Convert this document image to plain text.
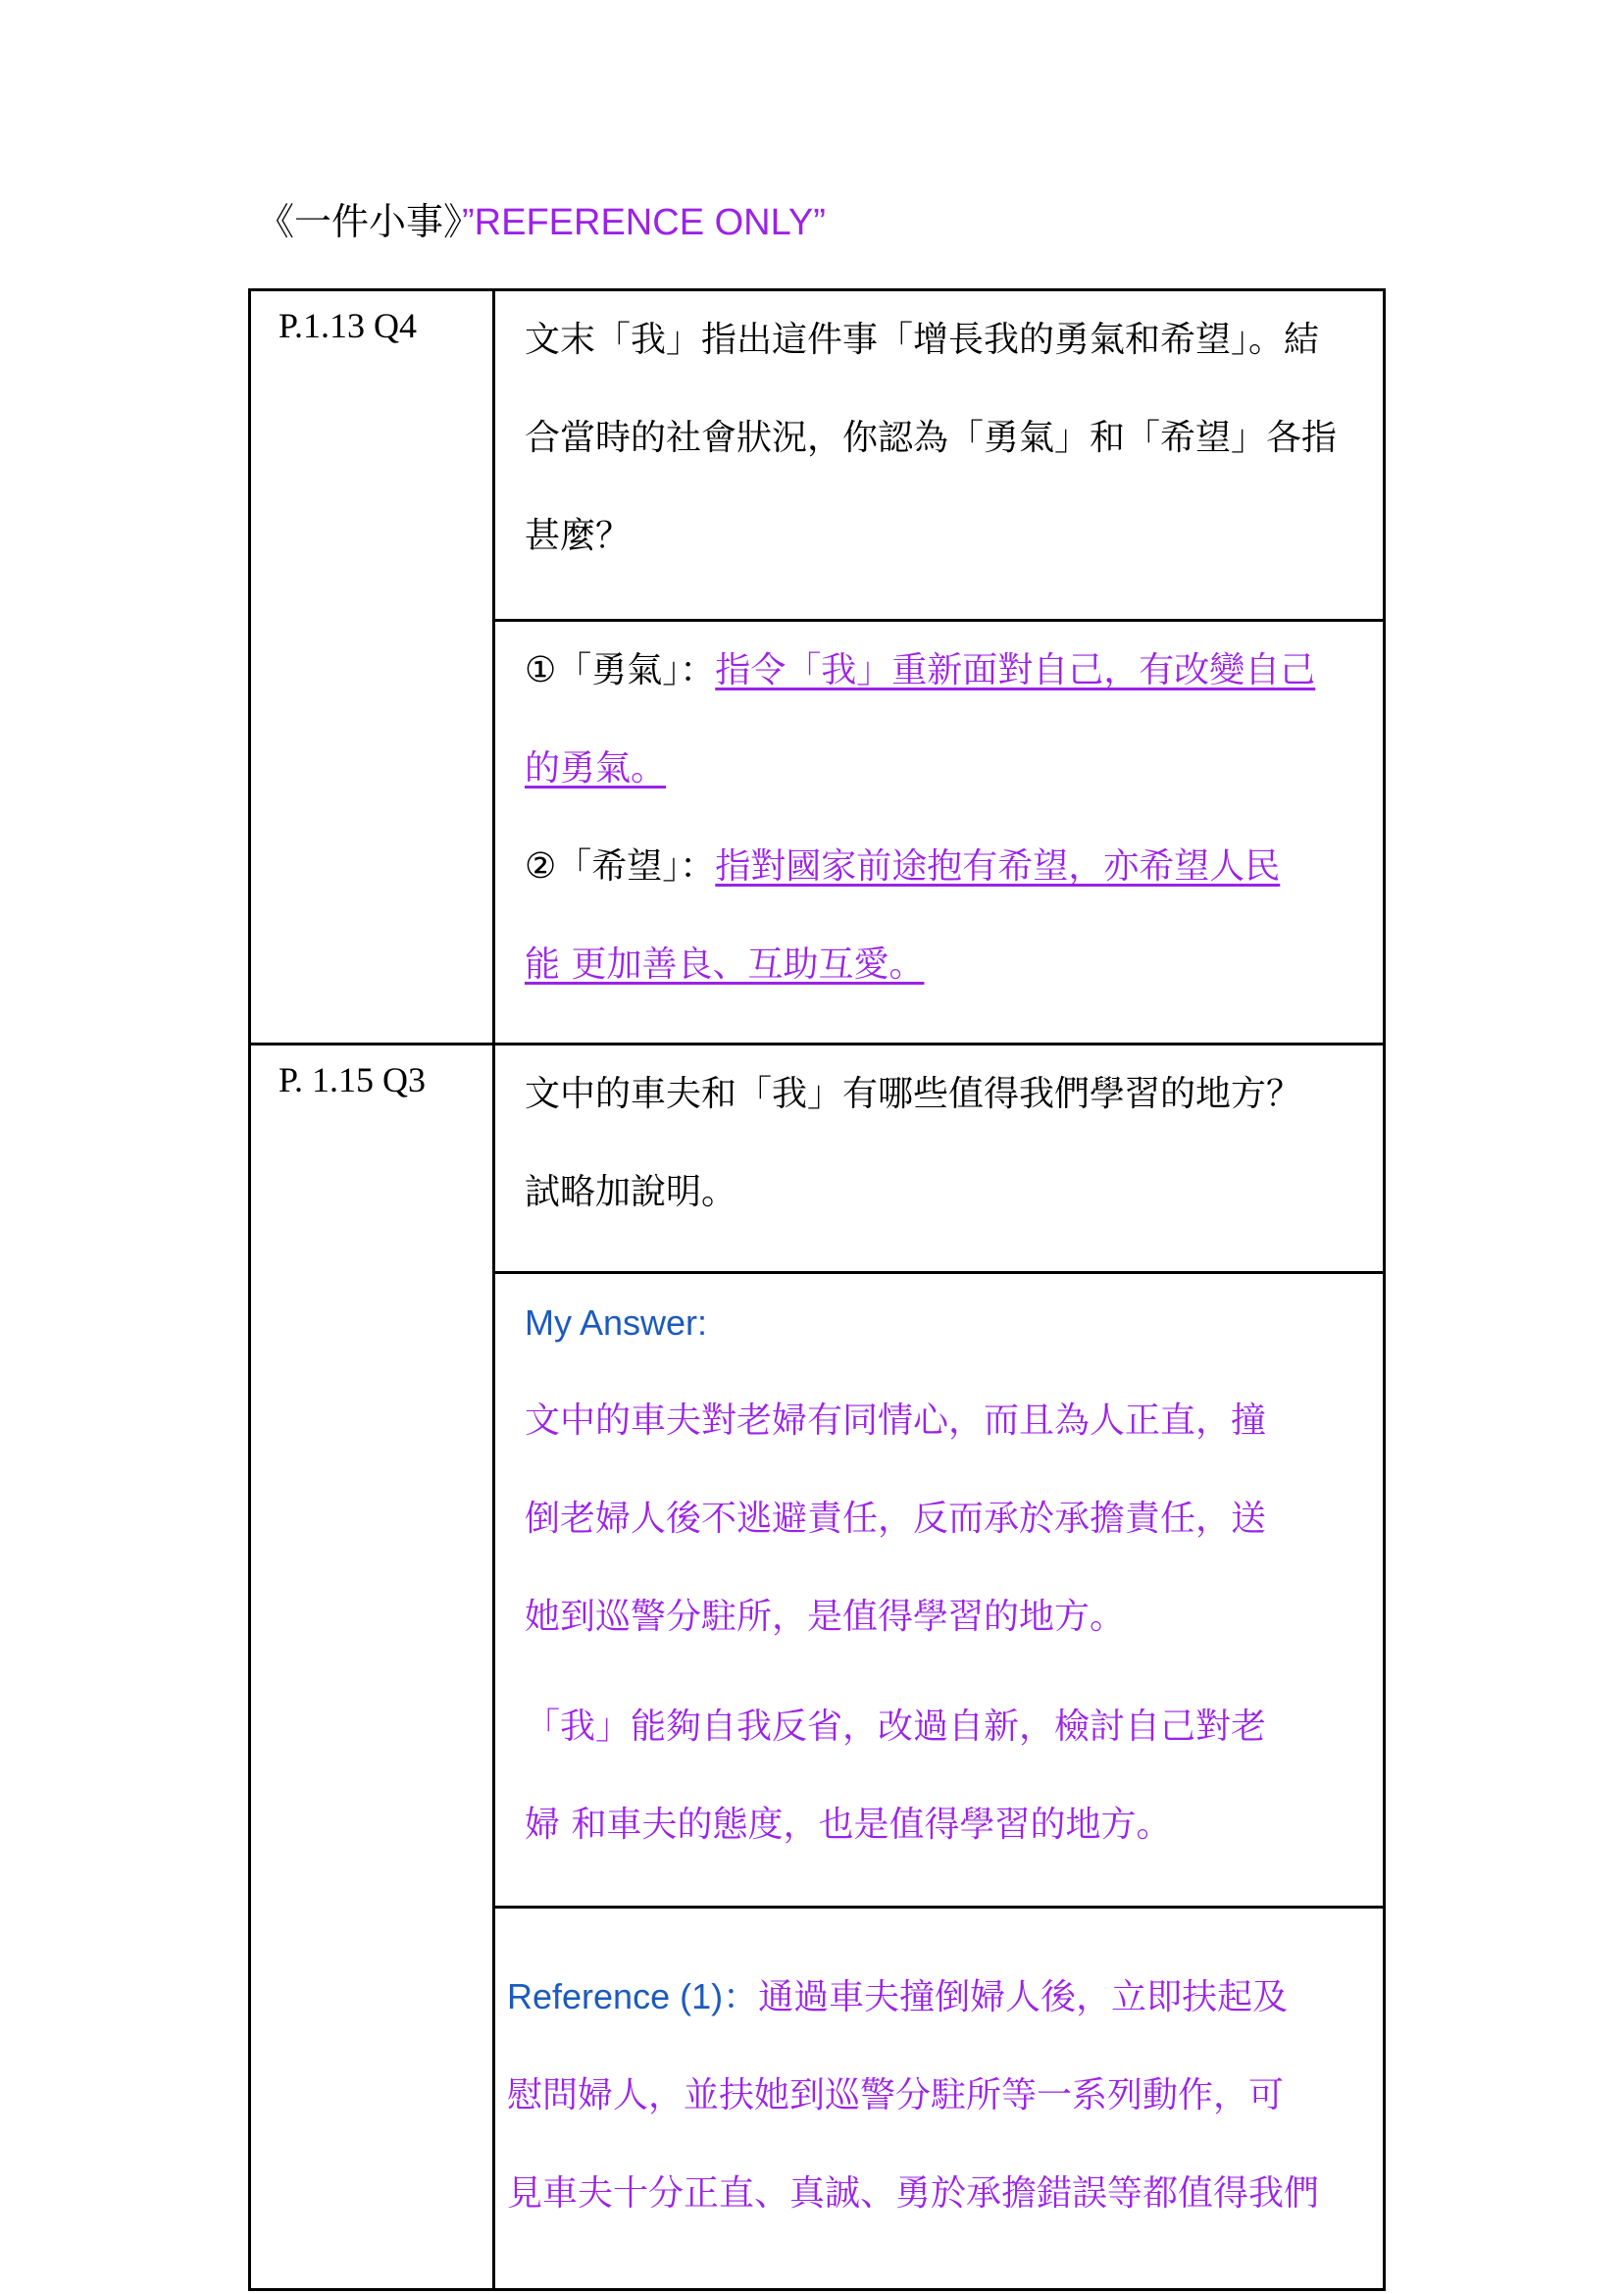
《一件小事》”REFERENCE ONLY”
P.1.13 Q4	文末「我」指出這件事「增長我的勇氣和希望」。結
合當時的社會狀況，你認為「勇氣」和「希望」各指
甚麼？
①「勇氣」：指令「我」重新面對自己，有改變自己
的勇氣。
②「希望」：指對國家前途抱有希望，亦希望人民
能 更加善良、互助互愛。
P. 1.15 Q3	文中的車夫和「我」有哪些值得我們學習的地方？
試略加說明。
My Answer:
文中的車夫對老婦有同情心，而且為人正直，撞
倒老婦人後不逃避責任，反而承於承擔責任，送
她到巡警分駐所，是值得學習的地方。
「我」能夠自我反省，改過自新，檢討自己對老
婦 和車夫的態度，也是值得學習的地方。
Reference (1)：通過車夫撞倒婦人後，立即扶起及
慰問婦人，並扶她到巡警分駐所等一系列動作，可
見車夫十分正直、真誠、勇於承擔錯誤等都值得我們
